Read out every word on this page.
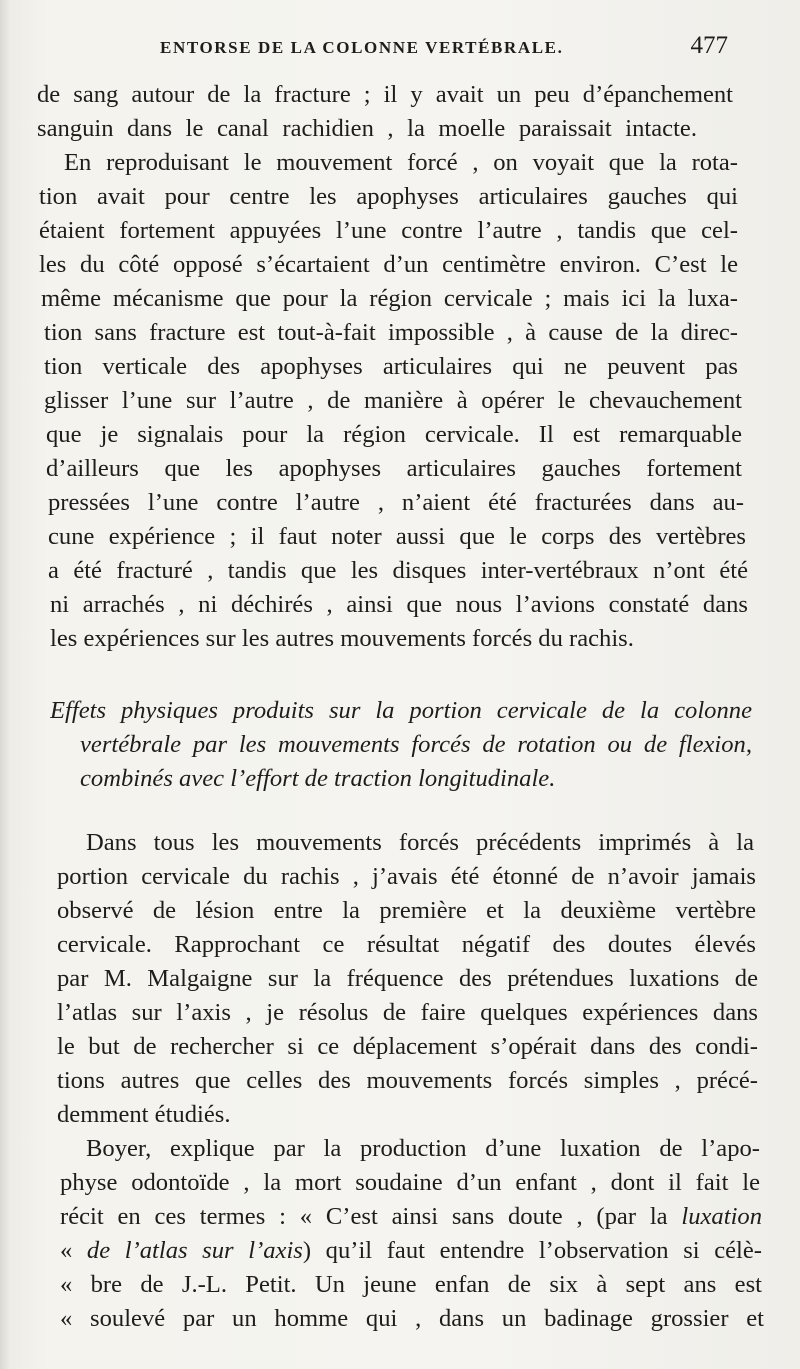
ENTORSE DE LA COLONNE VERTÉBRALE.	477
de sang autour de la fracture ; il y avait un peu d’épanchement
sanguin dans le canal rachidien , la moelle paraissait intacte.
En reproduisant le mouvement forcé , on voyait que la rota-
tion avait pour centre les apophyses articulaires gauches qui
étaient fortement appuyées l’une contre l’autre , tandis que cel-
les du côté opposé s’écartaient d’un centimètre environ. C’est le
même mécanisme que pour la région cervicale ; mais ici la luxa-
tion sans fracture est tout-à-fait impossible , à cause de la direc-
tion verticale des apophyses articulaires qui ne peuvent pas
glisser l’une sur l’autre , de manière à opérer le chevauchement
que je signalais pour la région cervicale. Il est remarquable
d’ailleurs que les apophyses articulaires gauches fortement
pressées l’une contre l’autre , n’aient été fracturées dans au-
cune expérience ; il faut noter aussi que le corps des vertèbres
a été fracturé , tandis que les disques inter-vertébraux n’ont été
ni arrachés , ni déchirés , ainsi que nous l’avions constaté dans
les expériences sur les autres mouvements forcés du rachis.
Effets physiques produits sur la portion cervicale de la colonne
vertébrale par les mouvements forcés de rotation ou de flexion,
combinés avec l’effort de traction longitudinale.
Dans tous les mouvements forcés précédents imprimés à la
portion cervicale du rachis , j’avais été étonné de n’avoir jamais
observé de lésion entre la première et la deuxième vertèbre
cervicale. Rapprochant ce résultat négatif des doutes élevés
par M. Malgaigne sur la fréquence des prétendues luxations de
l’atlas sur l’axis , je résolus de faire quelques expériences dans
le but de rechercher si ce déplacement s’opérait dans des condi-
tions autres que celles des mouvements forcés simples , précé-
demment étudiés.
Boyer, explique par la production d’une luxation de l’apo-
physe odontoïde , la mort soudaine d’un enfant , dont il fait le
récit en ces termes : « C’est ainsi sans doute , (par la luxation
« de l’atlas sur l’axis) qu’il faut entendre l’observation si célè-
« bre de J.-L. Petit. Un jeune enfan de six à sept ans est
« soulevé par un homme qui , dans un badinage grossier et
